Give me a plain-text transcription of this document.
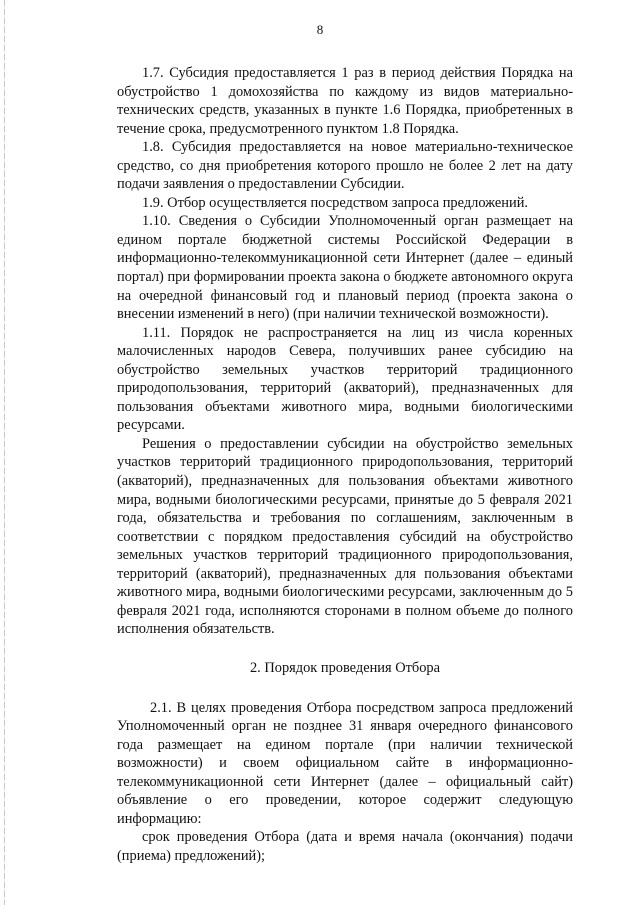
8

1.7. Субсидия предоставляется 1 раз в период действия Порядка на обустройство 1 домохозяйства по каждому из видов материально-технических средств, указанных в пункте 1.6 Порядка, приобретенных в течение срока, предусмотренного пунктом 1.8 Порядка.

1.8. Субсидия предоставляется на новое материально-техническое средство, со дня приобретения которого прошло не более 2 лет на дату подачи заявления о предоставлении Субсидии.

1.9. Отбор осуществляется посредством запроса предложений.

1.10. Сведения о Субсидии Уполномоченный орган размещает на едином портале бюджетной системы Российской Федерации в информационно-телекоммуникационной сети Интернет (далее – единый портал) при формировании проекта закона о бюджете автономного округа на очередной финансовый год и плановый период (проекта закона о внесении изменений в него) (при наличии технической возможности).

1.11. Порядок не распространяется на лиц из числа коренных малочисленных народов Севера, получивших ранее субсидию на обустройство земельных участков территорий традиционного природопользования, территорий (акваторий), предназначенных для пользования объектами животного мира, водными биологическими ресурсами.

Решения о предоставлении субсидии на обустройство земельных участков территорий традиционного природопользования, территорий (акваторий), предназначенных для пользования объектами животного мира, водными биологическими ресурсами, принятые до 5 февраля 2021 года, обязательства и требования по соглашениям, заключенным в соответствии с порядком предоставления субсидий на обустройство земельных участков территорий традиционного природопользования, территорий (акваторий), предназначенных для пользования объектами животного мира, водными биологическими ресурсами, заключенным до 5 февраля 2021 года, исполняются сторонами в полном объеме до полного исполнения обязательств.

2. Порядок проведения Отбора

2.1. В целях проведения Отбора посредством запроса предложений Уполномоченный орган не позднее 31 января очередного финансового года размещает на едином портале (при наличии технической возможности) и своем официальном сайте в информационно-телекоммуникационной сети Интернет (далее – официальный сайт) объявление о его проведении, которое содержит следующую информацию:

срок проведения Отбора (дата и время начала (окончания) подачи (приема) предложений);
